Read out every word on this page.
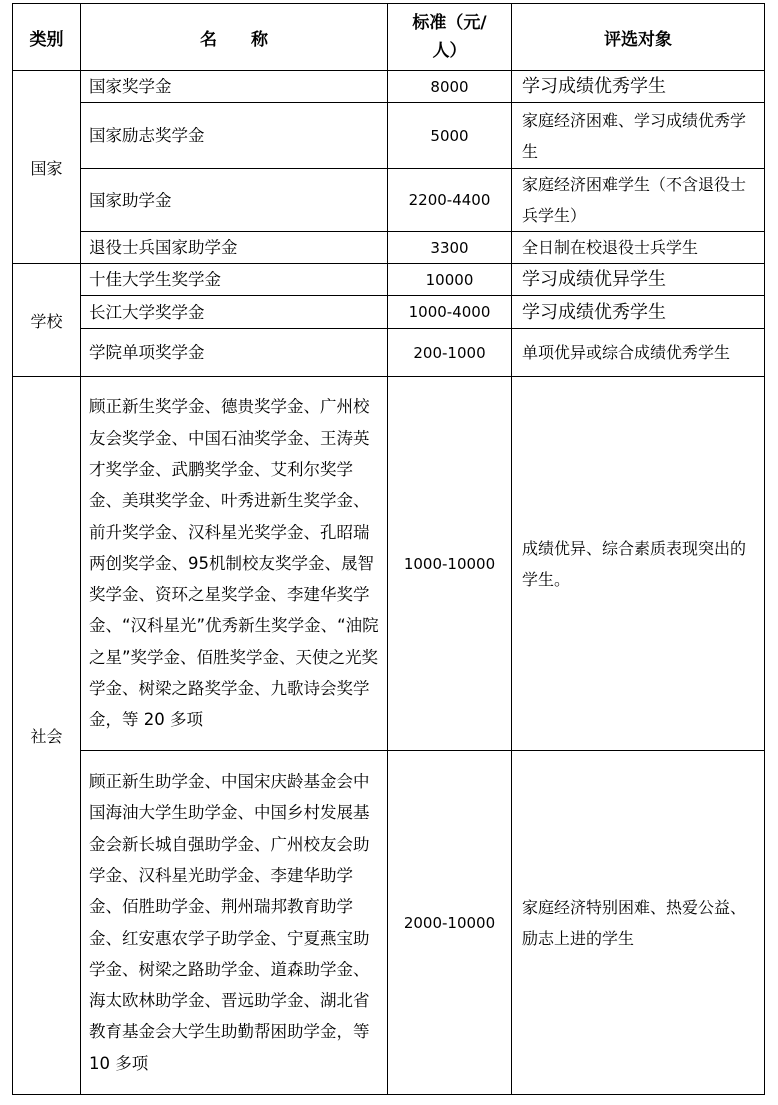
类别	名　　称	标准（元/人）	评选对象
国家	国家奖学金	8000	学习成绩优秀学生
	国家励志奖学金	5000	家庭经济困难、学习成绩优秀学生
	国家助学金	2200-4400	家庭经济困难学生（不含退役士兵学生）
	退役士兵国家助学金	3300	全日制在校退役士兵学生
学校	十佳大学生奖学金	10000	学习成绩优异学生
	长江大学奖学金	1000-4000	学习成绩优秀学生
	学院单项奖学金	200-1000	单项优异或综合成绩优秀学生
社会	顾正新生奖学金、德贵奖学金、广州校友会奖学金、中国石油奖学金、王涛英才奖学金、武鹏奖学金、艾利尔奖学金、美琪奖学金、叶秀进新生奖学金、前升奖学金、汉科星光奖学金、孔昭瑞两创奖学金、95机制校友奖学金、晟智奖学金、资环之星奖学金、李建华奖学金、“汉科星光”优秀新生奖学金、“油院之星”奖学金、佰胜奖学金、天使之光奖学金、树梁之路奖学金、九歌诗会奖学金，等 20 多项	1000-10000	成绩优异、综合素质表现突出的学生。
	顾正新生助学金、中国宋庆龄基金会中国海油大学生助学金、中国乡村发展基金会新长城自强助学金、广州校友会助学金、汉科星光助学金、李建华助学金、佰胜助学金、荆州瑞邦教育助学金、红安惠农学子助学金、宁夏燕宝助学金、树梁之路助学金、道森助学金、海太欧林助学金、晋远助学金、湖北省教育基金会大学生助勤帮困助学金，等 10 多项	2000-10000	家庭经济特别困难、热爱公益、励志上进的学生
